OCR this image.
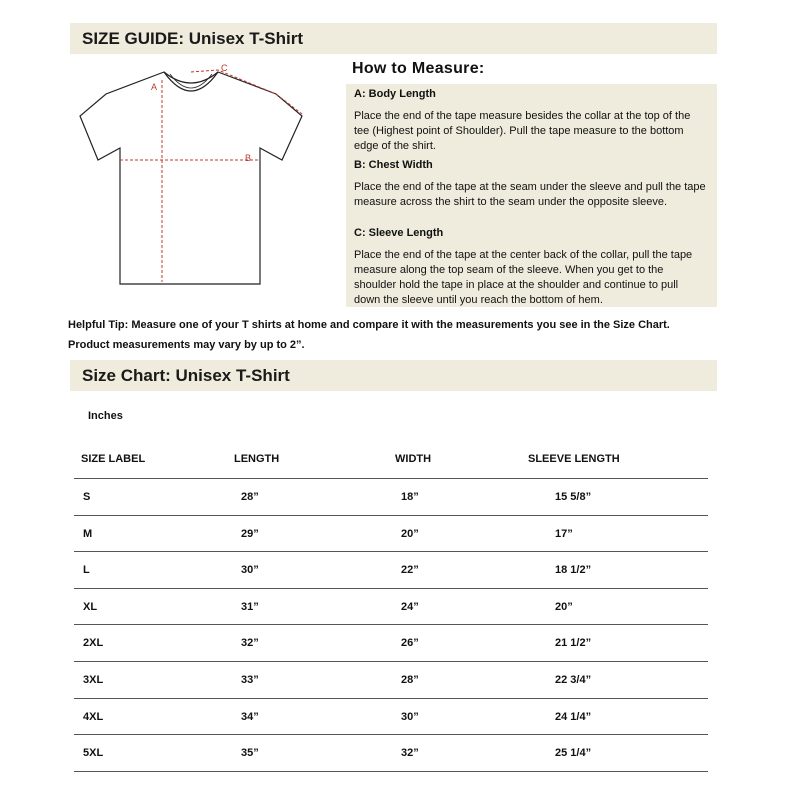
SIZE GUIDE: Unisex T-Shirt
A
B
C	How to Measure:
A: Body Length
Place the end of the tape measure besides the collar at the top of the tee (Highest point of Shoulder). Pull the tape measure to the bottom edge of the shirt.
B: Chest Width
Place the end of the tape at the seam under the sleeve and pull the tape measure across the shirt to the seam under the opposite sleeve.
C: Sleeve Length
Place the end of the tape at the center back of the collar, pull the tape measure along the top seam of the sleeve. When you get to the shoulder hold the tape in place at the shoulder and continue to pull down the sleeve until you reach the bottom of hem.
Helpful Tip: Measure one of your T shirts at home and compare it with the measurements you see in the Size Chart.
Product measurements may vary by up to 2”.
Size Chart: Unisex T-Shirt
Inches
SIZE LABEL	LENGTH	WIDTH	SLEEVE LENGTH
S	28”	18”	15 5/8”
M	29”	20”	17”
L	30”	22”	18 1/2”
XL	31”	24”	20”
2XL	32”	26”	21 1/2”
3XL	33”	28”	22 3/4”
4XL	34”	30”	24 1/4”
5XL	35”	32”	25 1/4”
